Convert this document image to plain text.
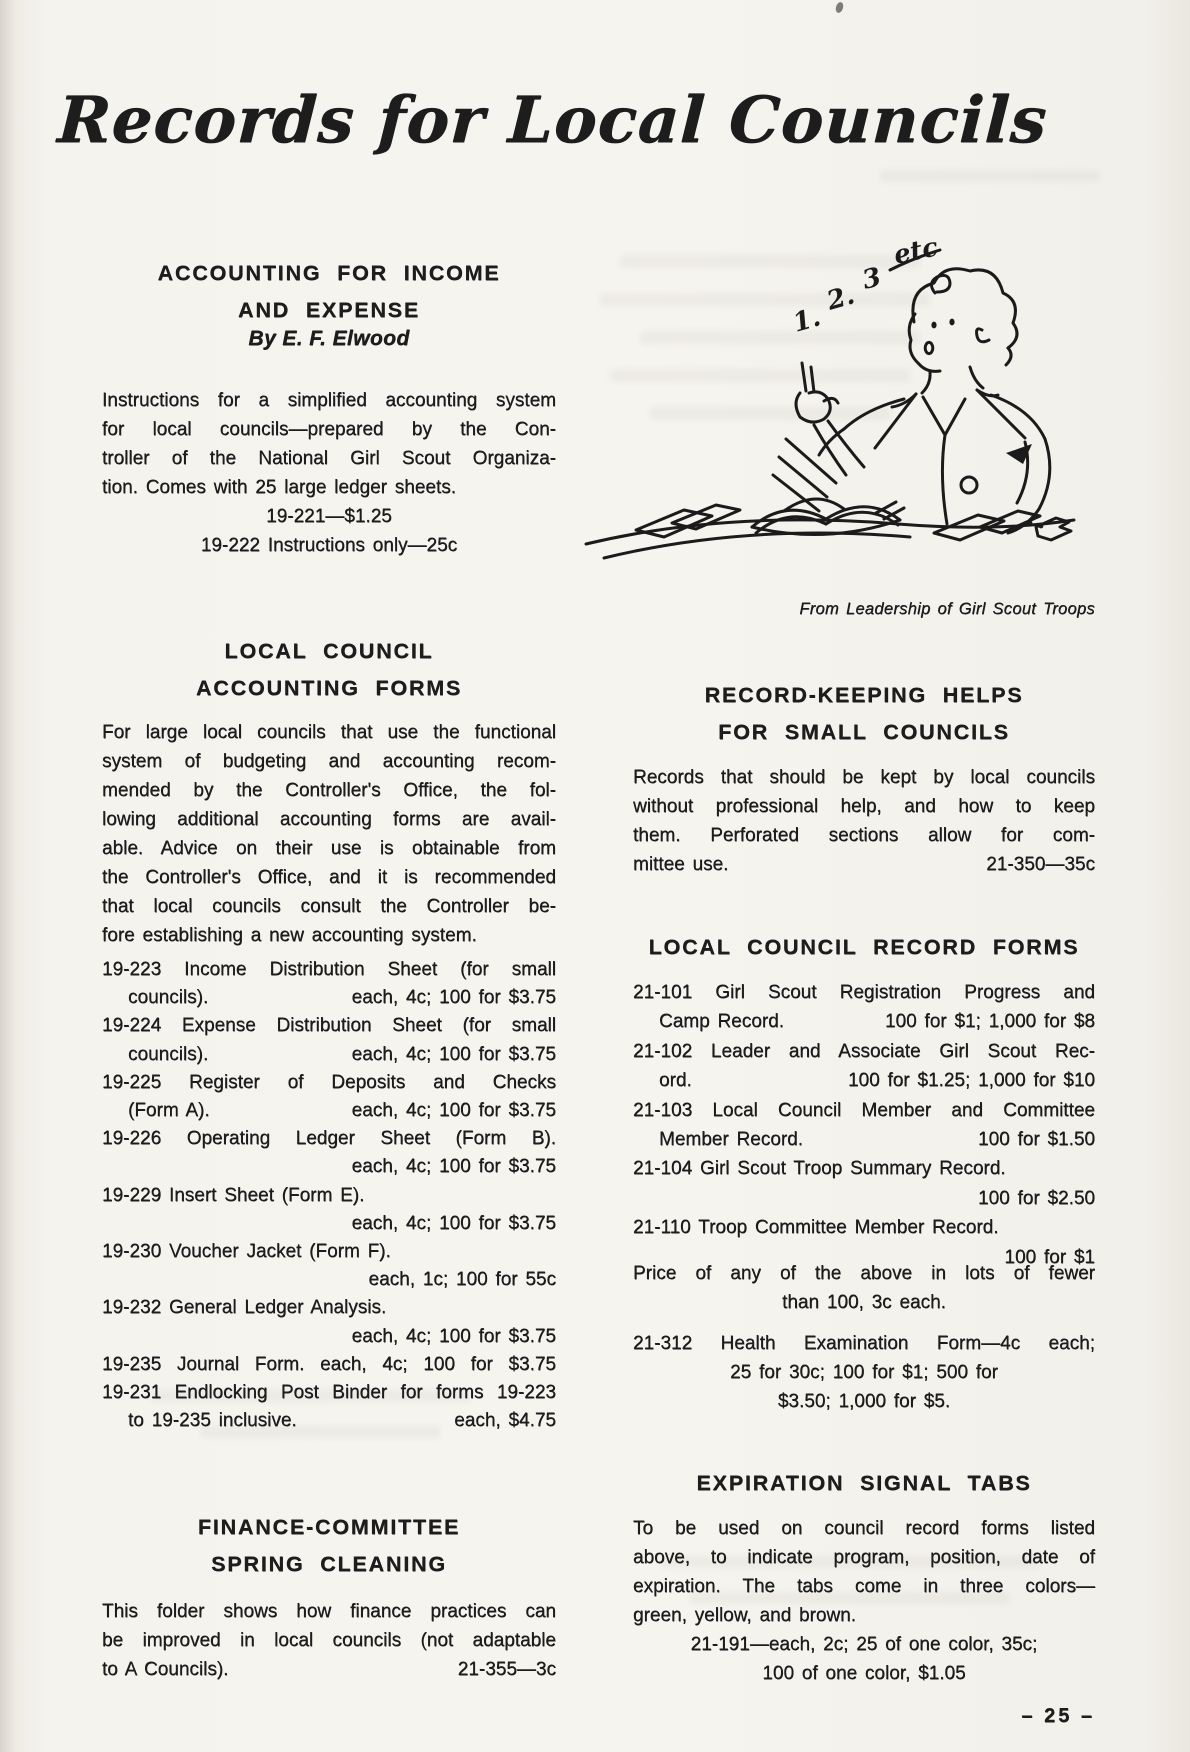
Records for Local Councils
1.
2.
3
etc
ACCOUNTING FOR INCOME
AND EXPENSE
By E. F. Elwood
Instructions for a simplified accounting system
for local councils—prepared by the Con-
troller of the National Girl Scout Organiza-
tion. Comes with 25 large ledger sheets.
19-221—$1.25
19-222 Instructions only—25c
LOCAL COUNCIL
ACCOUNTING FORMS
For large local councils that use the functional
system of budgeting and accounting recom-
mended by the Controller's Office, the fol-
lowing additional accounting forms are avail-
able. Advice on their use is obtainable from
the Controller's Office, and it is recommended
that local councils consult the Controller be-
fore establishing a new accounting system.
19-223 Income Distribution Sheet (for small
councils).	each, 4c; 100 for $3.75
19-224 Expense Distribution Sheet (for small
councils).	each, 4c; 100 for $3.75
19-225 Register of Deposits and Checks
(Form A).	each, 4c; 100 for $3.75
19-226 Operating Ledger Sheet (Form B).
each, 4c; 100 for $3.75
19-229 Insert Sheet (Form E).
each, 4c; 100 for $3.75
19-230 Voucher Jacket (Form F).
each, 1c; 100 for 55c
19-232 General Ledger Analysis.
each, 4c; 100 for $3.75
19-235 Journal Form. each, 4c; 100 for $3.75
19-231 Endlocking Post Binder for forms 19-223
to 19-235 inclusive.	each, $4.75
FINANCE-COMMITTEE
SPRING CLEANING
This folder shows how finance practices can
be improved in local councils (not adaptable
to A Councils).	21-355—3c
From Leadership of Girl Scout Troops
RECORD-KEEPING HELPS
FOR SMALL COUNCILS
Records that should be kept by local councils
without professional help, and how to keep
them. Perforated sections allow for com-
mittee use.	21-350—35c
LOCAL COUNCIL RECORD FORMS
21-101 Girl Scout Registration Progress and
Camp Record.	100 for $1; 1,000 for $8
21-102 Leader and Associate Girl Scout Rec-
ord.	100 for $1.25; 1,000 for $10
21-103 Local Council Member and Committee
Member Record.	100 for $1.50
21-104 Girl Scout Troop Summary Record.
100 for $2.50
21-110 Troop Committee Member Record.
100 for $1
Price of any of the above in lots of fewer
than 100, 3c each.
21-312 Health Examination Form—4c each;
25 for 30c; 100 for $1; 500 for
$3.50; 1,000 for $5.
EXPIRATION SIGNAL TABS
To be used on council record forms listed
above, to indicate program, position, date of
expiration. The tabs come in three colors—
green, yellow, and brown.
21-191—each, 2c; 25 of one color, 35c;
100 of one color, $1.05
– 25 –
